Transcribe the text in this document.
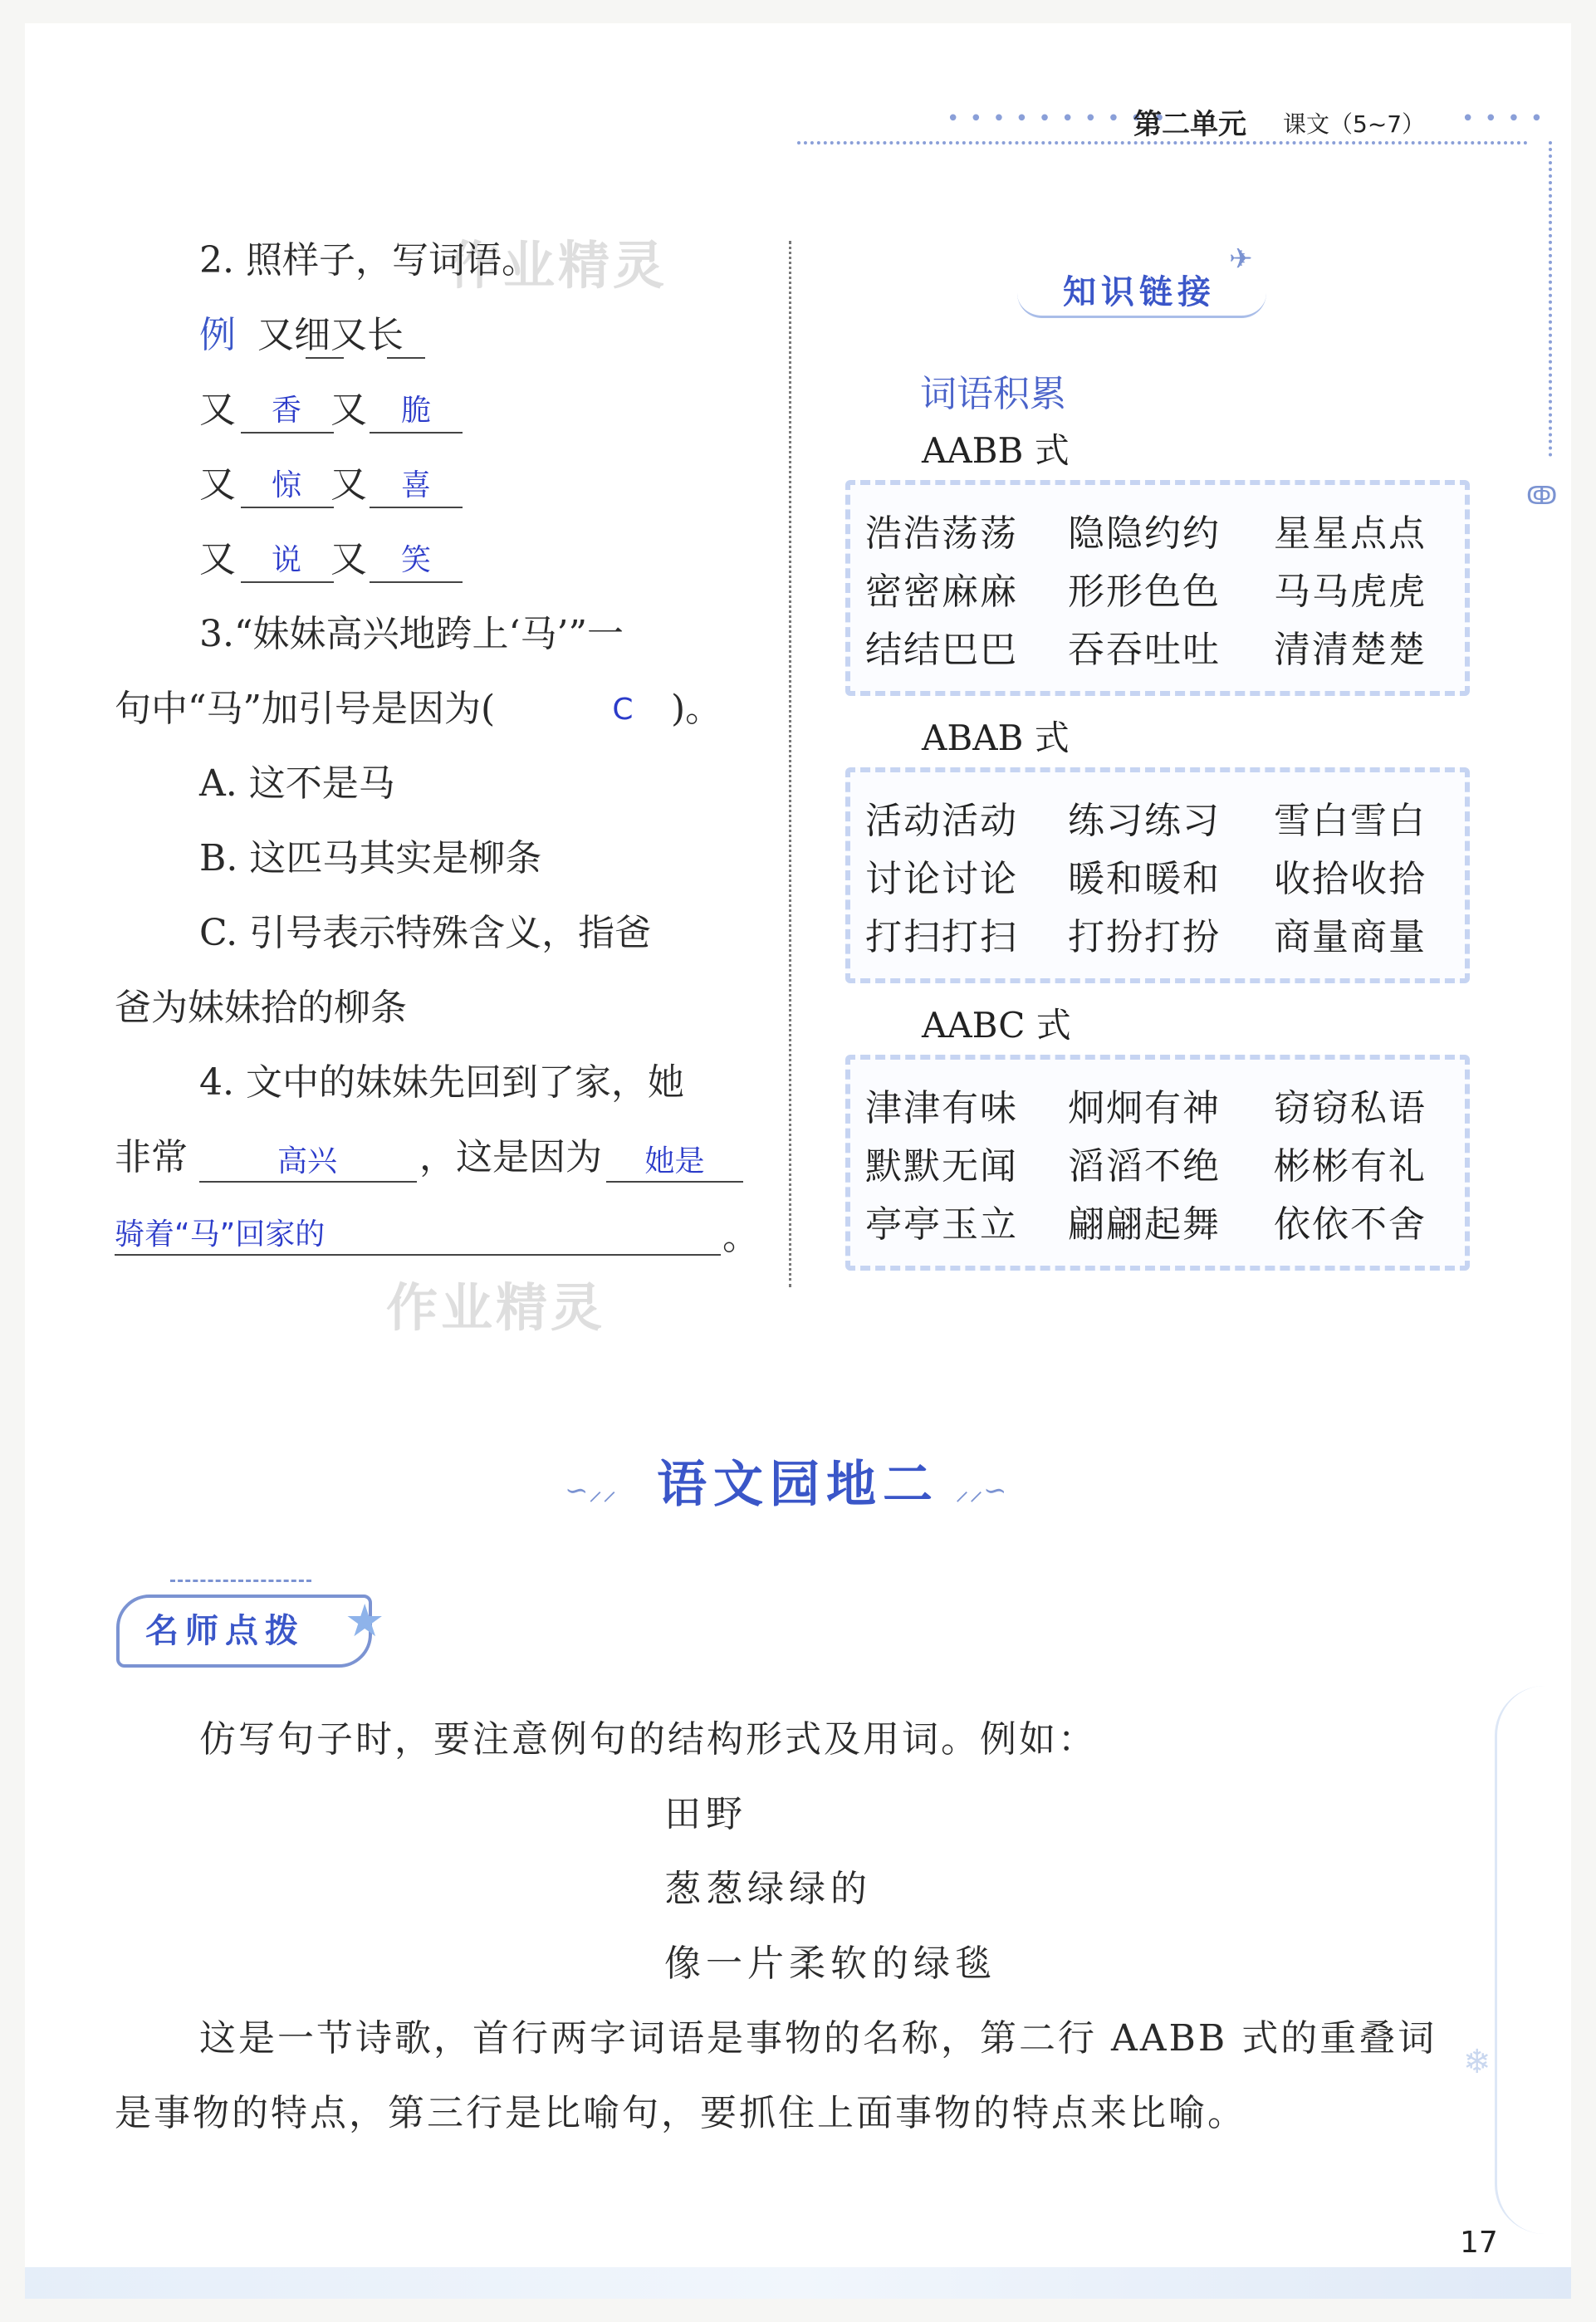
• • • • • • • • • •
第二单元 课文（5~7） • • • •
ↂ
作业精灵
作业精灵
2. 照样子，写词语。
例 又细又长
又	香 又	脆
又	惊 又	喜
又	说 又	笑
3.“妹妹高兴地跨上‘马’”一
句中“马”加引号是因为(	C	)。
A. 这不是马
B. 这匹马其实是柳条
C. 引号表示特殊含义，指爸
爸为妹妹拾的柳条
4. 文中的妹妹先回到了家，她
非常	高兴	，这是因为	她是
骑着“马”回家的	。
知识链接
✈
词语积累
AABB 式
浩浩荡荡 隐隐约约 星星点点
密密麻麻 形形色色 马马虎虎
结结巴巴 吞吞吐吐 清清楚楚
ABAB 式
活动活动 练习练习 雪白雪白
讨论讨论 暖和暖和 收拾收拾
打扫打扫 打扮打扮 商量商量
AABC 式
津津有味 炯炯有神 窃窃私语
默默无闻 滔滔不绝 彬彬有礼
亭亭玉立 翩翩起舞 依依不舍
∽⸝⸝ 语文园地二 ⸝⸝∽
名师点拨 ★
仿写句子时，要注意例句的结构形式及用词。例如：
田野
葱葱绿绿的
像一片柔软的绿毯
这是一节诗歌，首行两字词语是事物的名称，第二行 AABB 式的重叠词
是事物的特点，第三行是比喻句，要抓住上面事物的特点来比喻。
❄
17
